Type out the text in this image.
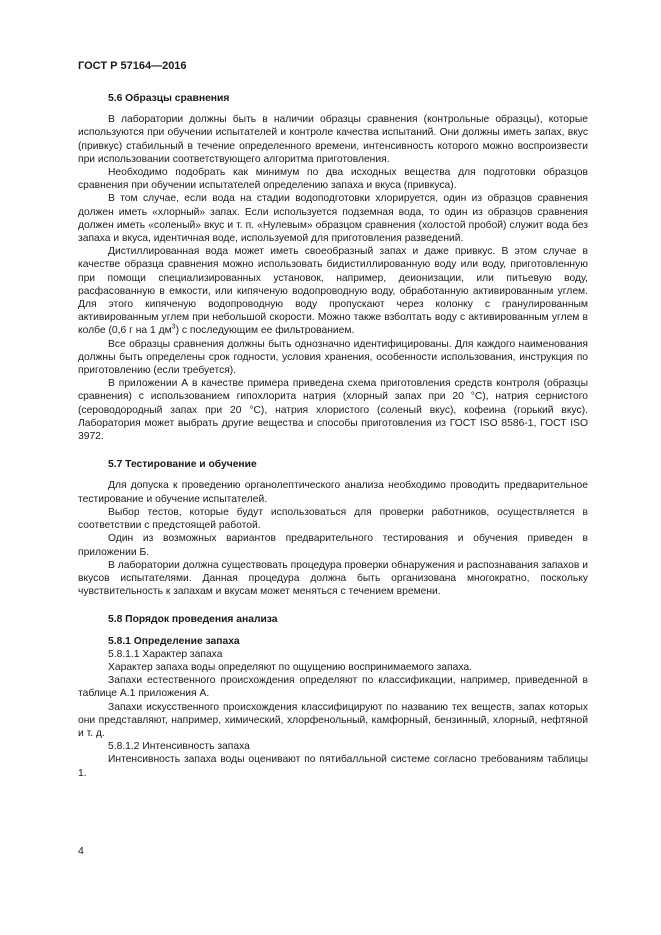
ГОСТ Р 57164—2016

5.6 Образцы сравнения

В лаборатории должны быть в наличии образцы сравнения (контрольные образцы), которые используются при обучении испытателей и контроле качества испытаний. Они должны иметь запах, вкус (привкус) стабильный в течение определенного времени, интенсивность которого можно воспроизвести при использовании соответствующего алгоритма приготовления.

Необходимо подобрать как минимум по два исходных вещества для подготовки образцов сравнения при обучении испытателей определению запаха и вкуса (привкуса).

В том случае, если вода на стадии водоподготовки хлорируется, один из образцов сравнения должен иметь «хлорный» запах. Если используется подземная вода, то один из образцов сравнения должен иметь «соленый» вкус и т. п. «Нулевым» образцом сравнения (холостой пробой) служит вода без запаха и вкуса, идентичная воде, используемой для приготовления разведений.

Дистиллированная вода может иметь своеобразный запах и даже привкус. В этом случае в качестве образца сравнения можно использовать бидистиллированную воду или воду, приготовленную при помощи специализированных установок, например, деионизации, или питьевую воду, расфасованную в емкости, или кипяченую водопроводную воду, обработанную активированным углем. Для этого кипяченую водопроводную воду пропускают через колонку с гранулированным активированным углем при небольшой скорости. Можно также взболтать воду с активированным углем в колбе (0,6 г на 1 $дм^3$) с последующим ее фильтрованием.

Все образцы сравнения должны быть однозначно идентифицированы. Для каждого наименования должны быть определены срок годности, условия хранения, особенности использования, инструкция по приготовлению (если требуется).

В приложении А в качестве примера приведена схема приготовления средств контроля (образцы сравнения) с использованием гипохлорита натрия (хлорный запах при 20 °C), натрия сернистого (сероводородный запах при 20 °C), натрия хлористого (соленый вкус), кофеина (горький вкус). Лаборатория может выбрать другие вещества и способы приготовления из ГОСТ ISO 8586-1, ГОСТ ISO 3972.

5.7 Тестирование и обучение

Для допуска к проведению органолептического анализа необходимо проводить предварительное тестирование и обучение испытателей.

Выбор тестов, которые будут использоваться для проверки работников, осуществляется в соответствии с предстоящей работой.

Один из возможных вариантов предварительного тестирования и обучения приведен в приложении Б.

В лаборатории должна существовать процедура проверки обнаружения и распознавания запахов и вкусов испытателями. Данная процедура должна быть организована многократно, поскольку чувствительность к запахам и вкусам может меняться с течением времени.

5.8 Порядок проведения анализа

5.8.1 Определение запаха

5.8.1.1 Характер запаха

Характер запаха воды определяют по ощущению воспринимаемого запаха.

Запахи естественного происхождения определяют по классификации, например, приведенной в таблице А.1 приложения А.

Запахи искусственного происхождения классифицируют по названию тех веществ, запах которых они представляют, например, химический, хлорфенольный, камфорный, бензинный, хлорный, нефтяной и т. д.

5.8.1.2 Интенсивность запаха

Интенсивность запаха воды оценивают по пятибалльной системе согласно требованиям таблицы 1.

4
